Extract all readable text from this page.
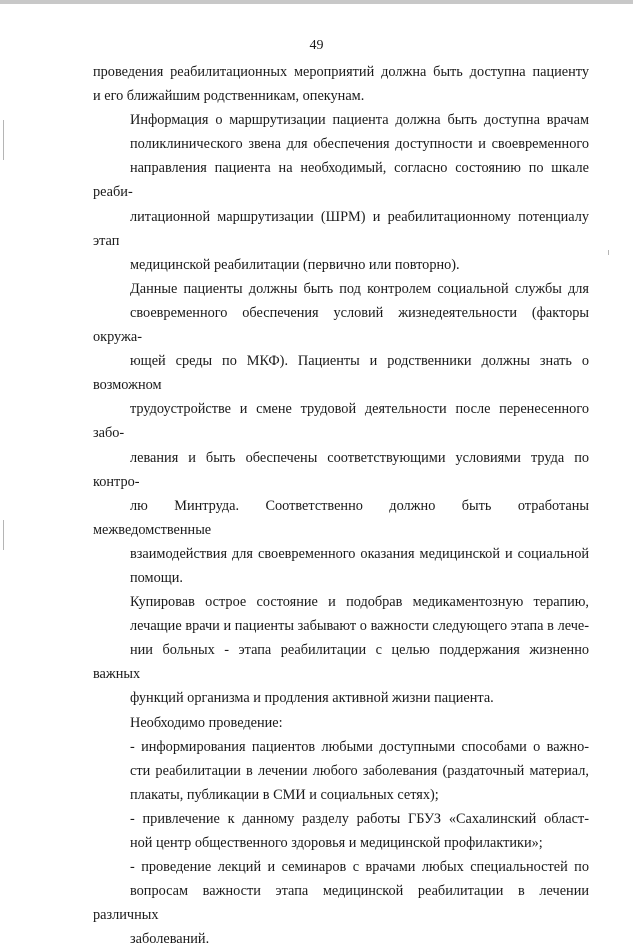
49

проведения реабилитационных мероприятий должна быть доступна пациенту
и его ближайшим родственникам, опекунам.

Информация о маршрутизации пациента должна быть доступна врачам
поликлинического звена для обеспечения доступности и своевременного
направления пациента на необходимый, согласно состоянию по шкале реаби-
литационной маршрутизации (ШРМ) и реабилитационному потенциалу этап
медицинской реабилитации (первично или повторно).

Данные пациенты должны быть под контролем социальной службы для
своевременного обеспечения условий жизнедеятельности (факторы окружа-
ющей среды по МКФ). Пациенты и родственники должны знать о возможном
трудоустройстве и смене трудовой деятельности после перенесенного забо-
левания и быть обеспечены соответствующими условиями труда по контро-
лю Минтруда. Соответственно должно быть отработаны межведомственные
взаимодействия для своевременного оказания медицинской и социальной
помощи.

Купировав острое состояние и подобрав медикаментозную терапию,
лечащие врачи и пациенты забывают о важности следующего этапа в лече-
нии больных - этапа реабилитации с целью поддержания жизненно важных
функций организма и продления активной жизни пациента.

Необходимо проведение:

- информирования пациентов любыми доступными способами о важно-
сти реабилитации в лечении любого заболевания (раздаточный материал,
плакаты, публикации в СМИ и социальных сетях);

- привлечение к данному разделу работы ГБУЗ «Сахалинский област-
ной центр общественного здоровья и медицинской профилактики»;

- проведение лекций и семинаров с врачами любых специальностей по
вопросам важности этапа медицинской реабилитации в лечении различных
заболеваний.
